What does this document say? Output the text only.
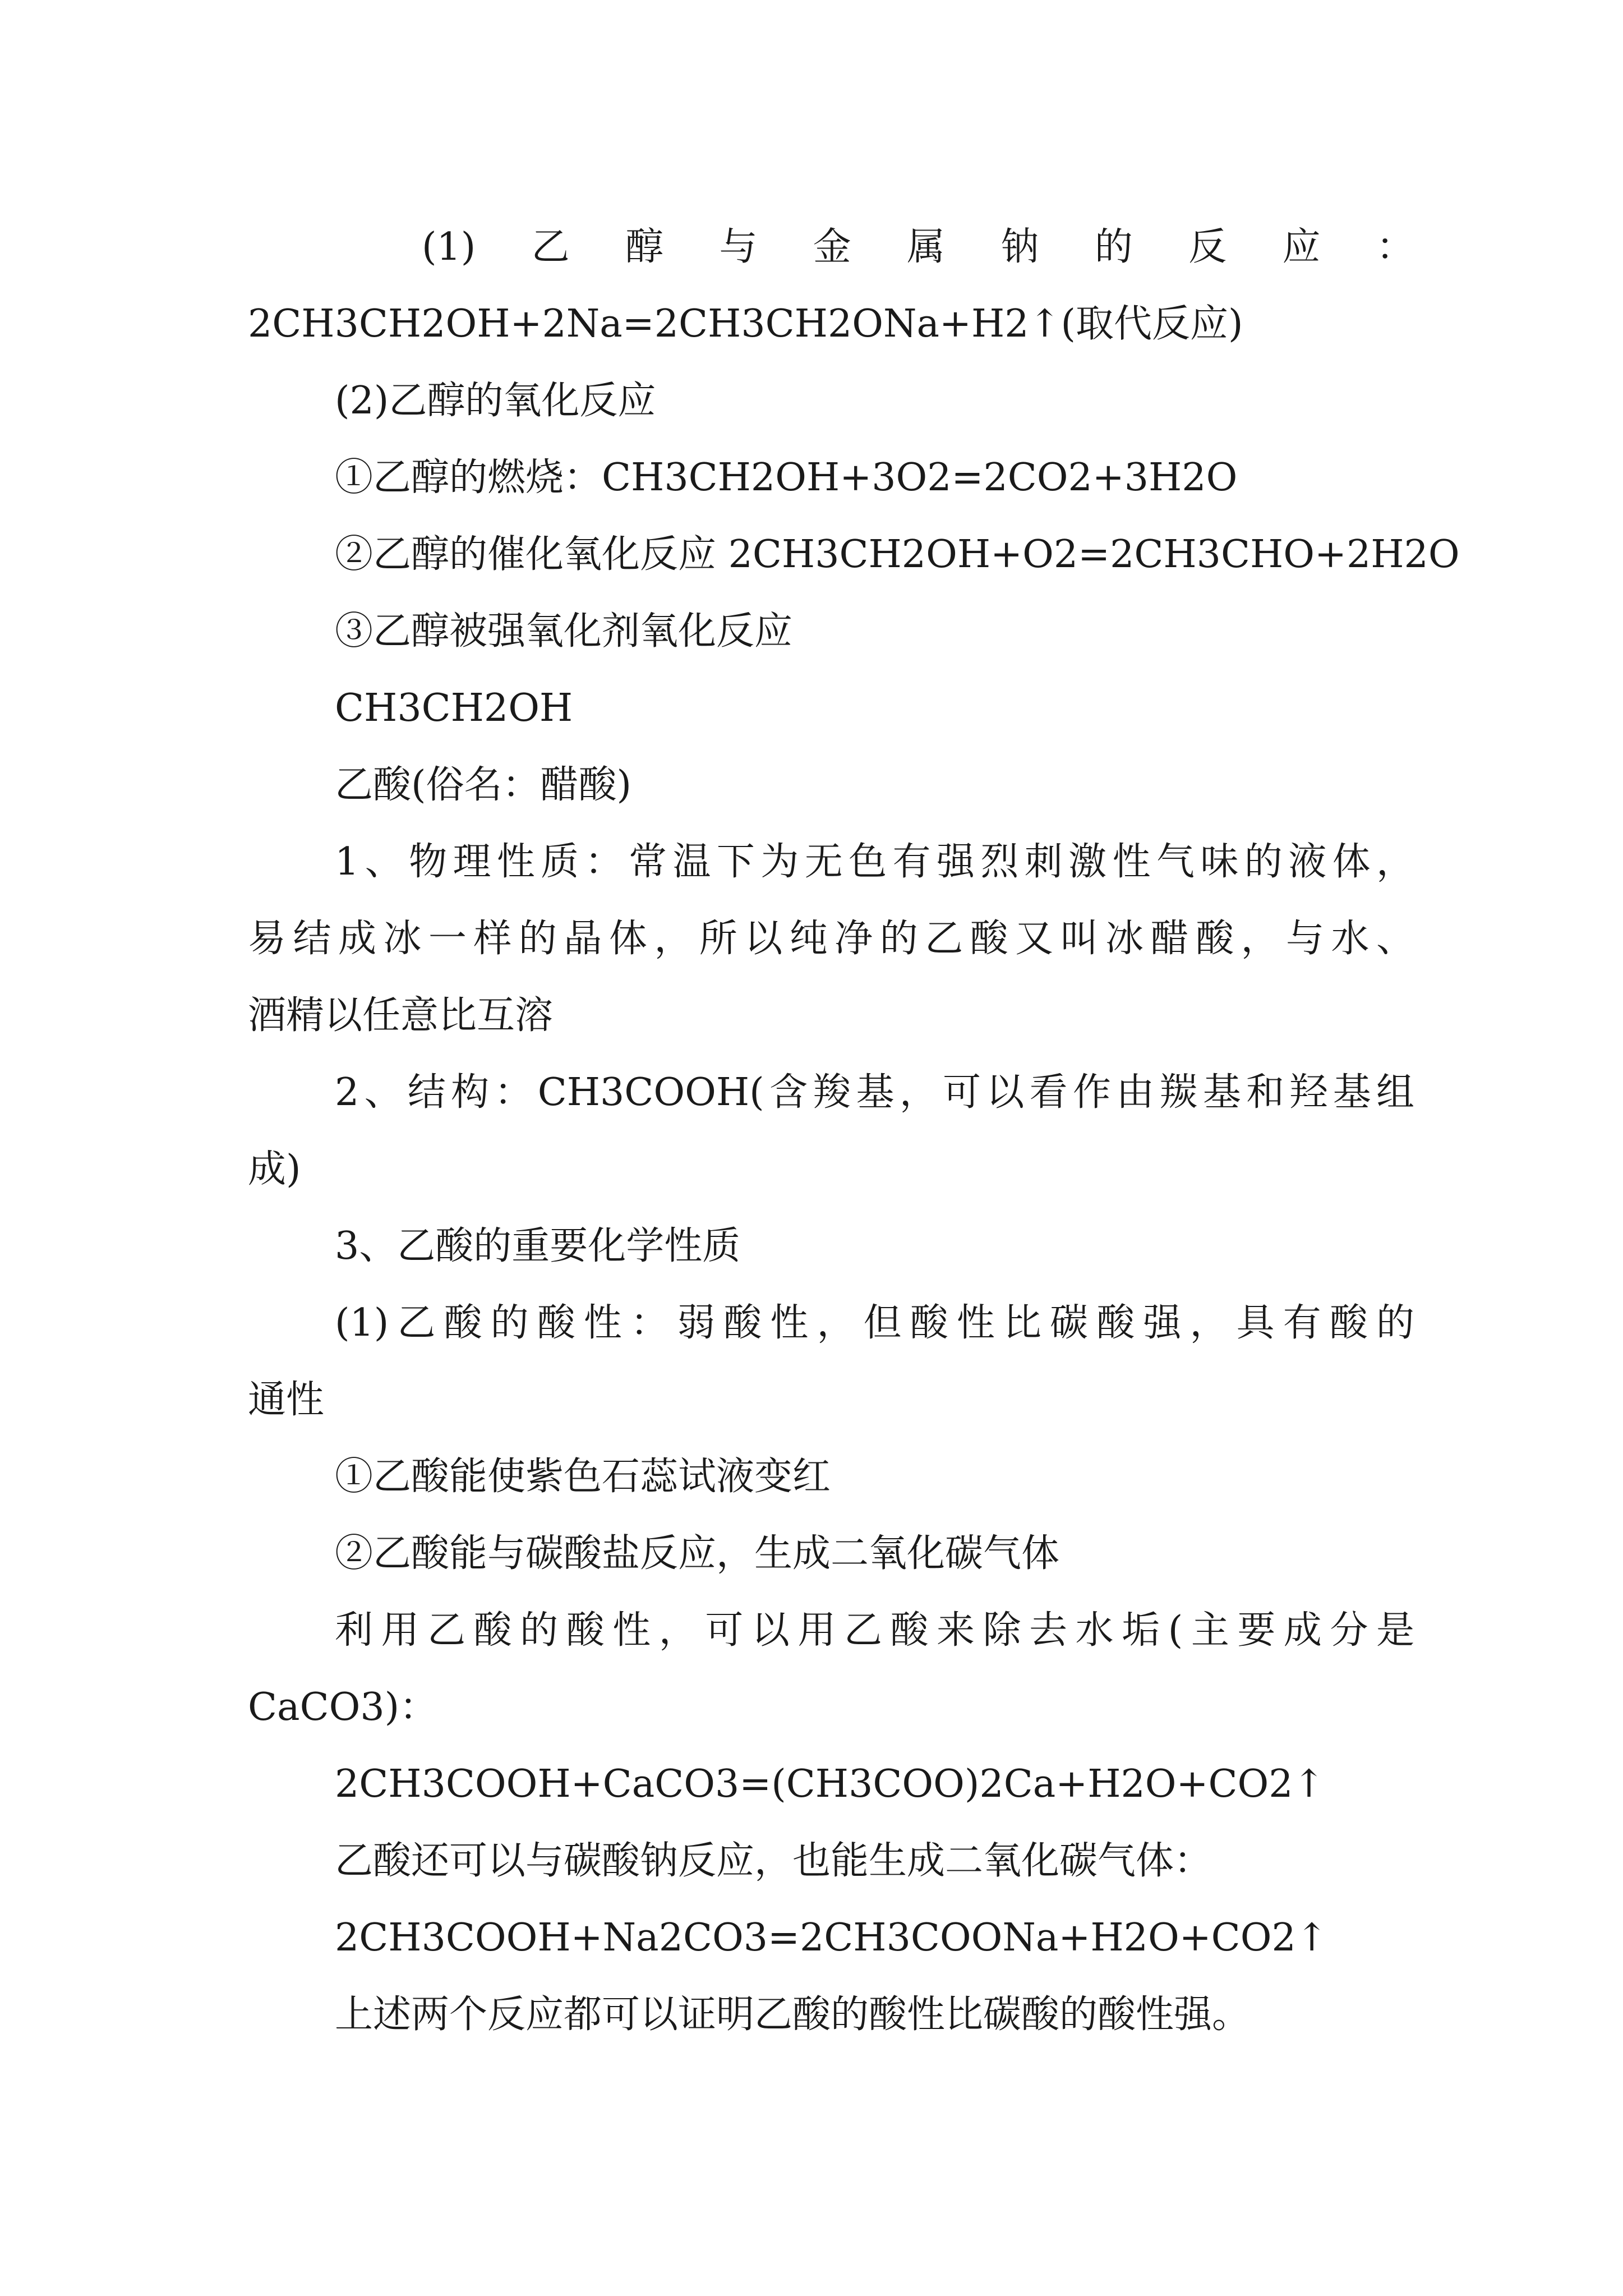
(1) 乙 醇 与 金 属 钠 的 反 应 ：
2CH3CH2OH+2Na=2CH3CH2ONa+H2↑(取代反应)
(2)乙醇的氧化反应
①乙醇的燃烧：CH3CH2OH+3O2=2CO2+3H2O
②乙醇的催化氧化反应 2CH3CH2OH+O2=2CH3CHO+2H2O
③乙醇被强氧化剂氧化反应
CH3CH2OH
乙酸(俗名：醋酸)
1、物理性质：常温下为无色有强烈刺激性气味的液体，
易结成冰一样的晶体，所以纯净的乙酸又叫冰醋酸，与水、
酒精以任意比互溶
2、结构：CH3COOH(含羧基，可以看作由羰基和羟基组
成)
3、乙酸的重要化学性质
(1)乙酸的酸性：弱酸性，但酸性比碳酸强，具有酸的
通性
①乙酸能使紫色石蕊试液变红
②乙酸能与碳酸盐反应，生成二氧化碳气体
利用乙酸的酸性，可以用乙酸来除去水垢(主要成分是
CaCO3)：
2CH3COOH+CaCO3=(CH3COO)2Ca+H2O+CO2↑
乙酸还可以与碳酸钠反应，也能生成二氧化碳气体：
2CH3COOH+Na2CO3=2CH3COONa+H2O+CO2↑
上述两个反应都可以证明乙酸的酸性比碳酸的酸性强。
